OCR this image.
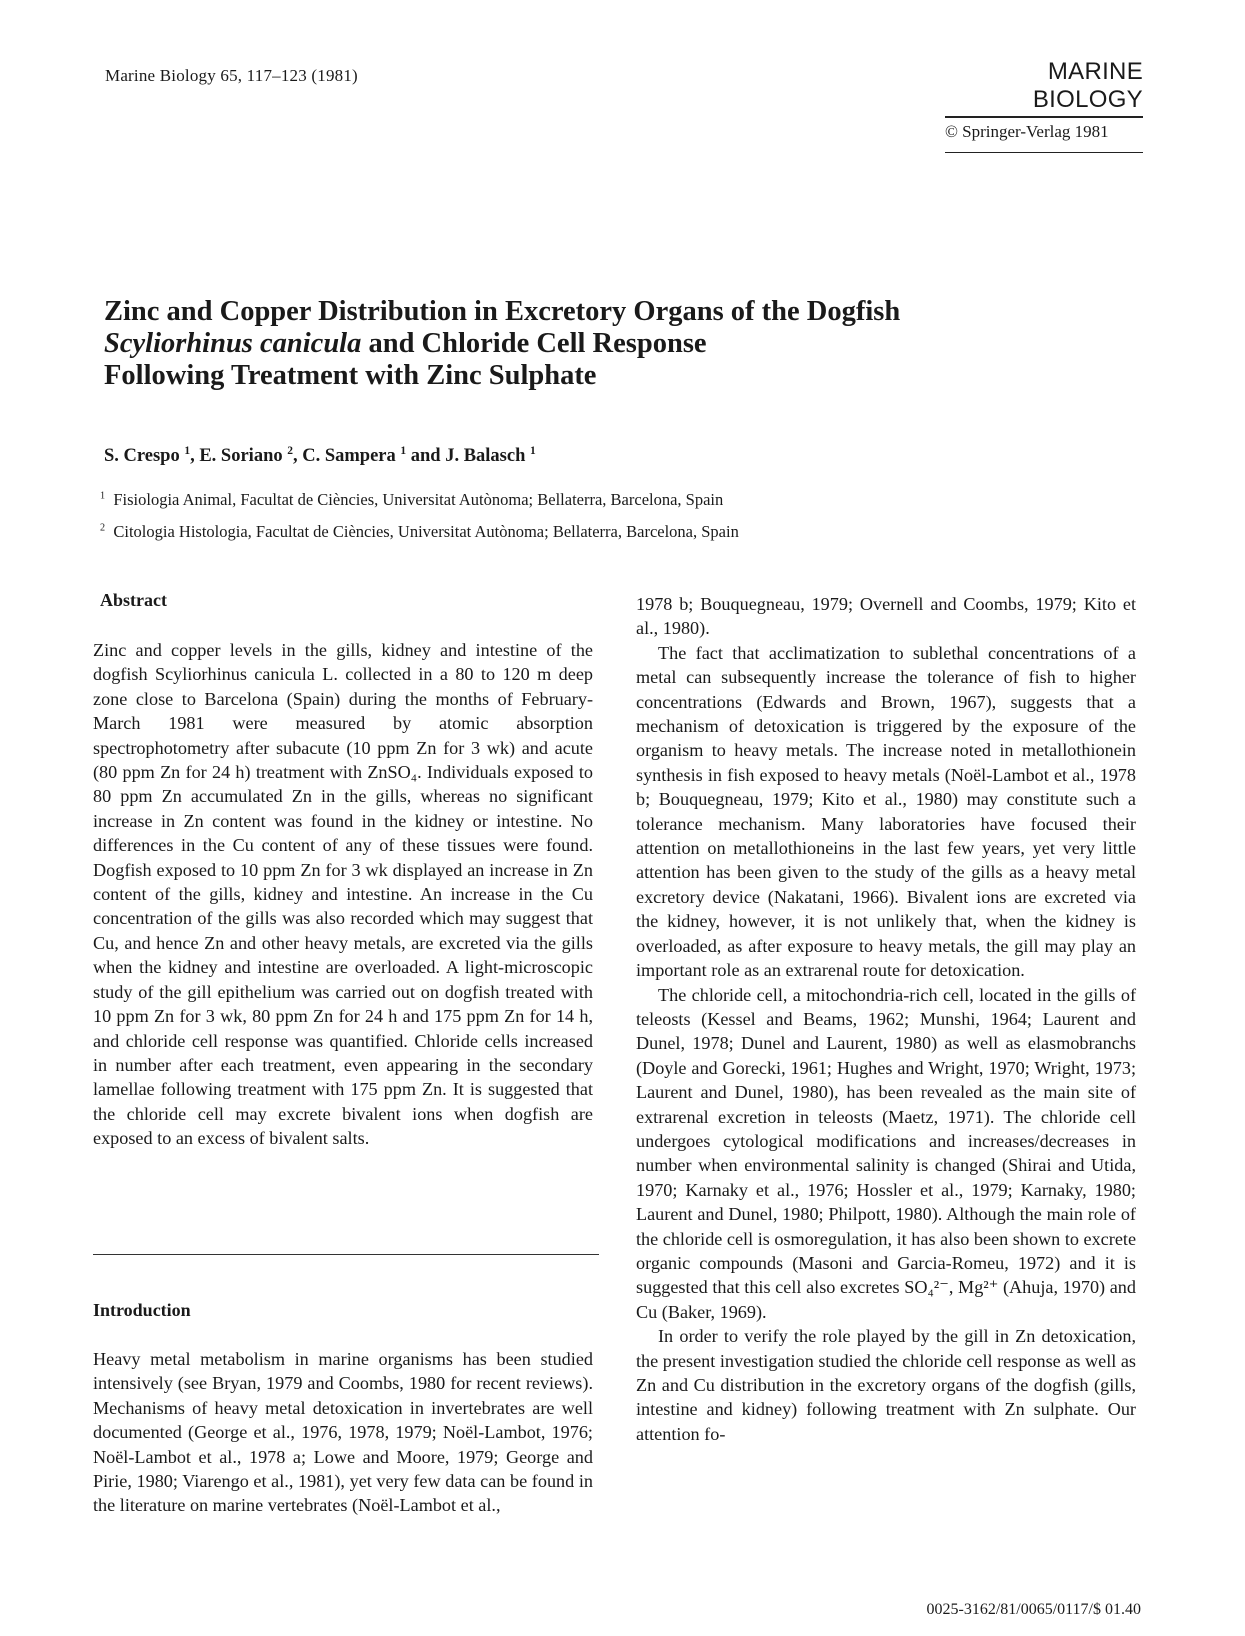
Marine Biology 65, 117–123 (1981)	MARINE BIOLOGY
© Springer-Verlag 1981
Zinc and Copper Distribution in Excretory Organs of the Dogfish
Scyliorhinus canicula and Chloride Cell Response
Following Treatment with Zinc Sulphate
S. Crespo $^1$, E. Soriano $^2$, C. Sampera $^1$ and J. Balasch $^1$
$^1$ Fisiologia Animal, Facultat de Ciències, Universitat Autònoma; Bellaterra, Barcelona, Spain
$^2$ Citologia Histologia, Facultat de Ciències, Universitat Autònoma; Bellaterra, Barcelona, Spain
Abstract

Zinc and copper levels in the gills, kidney and intestine of the dogfish Scyliorhinus canicula L. collected in a 80 to 120 m deep zone close to Barcelona (Spain) during the months of February-March 1981 were measured by atomic absorption spectrophotometry after subacute (10 ppm Zn for 3 wk) and acute (80 ppm Zn for 24 h) treatment with ZnSO₄. Individuals exposed to 80 ppm Zn accumulated Zn in the gills, whereas no significant increase in Zn content was found in the kidney or intestine. No differences in the Cu content of any of these tissues were found. Dogfish exposed to 10 ppm Zn for 3 wk displayed an increase in Zn content of the gills, kidney and intestine. An increase in the Cu concentration of the gills was also recorded which may suggest that Cu, and hence Zn and other heavy metals, are excreted via the gills when the kidney and intestine are overloaded. A light-microscopic study of the gill epithelium was carried out on dogfish treated with 10 ppm Zn for 3 wk, 80 ppm Zn for 24 h and 175 ppm Zn for 14 h, and chloride cell response was quantified. Chloride cells increased in number after each treatment, even appearing in the secondary lamellae following treatment with 175 ppm Zn. It is suggested that the chloride cell may excrete bivalent ions when dogfish are exposed to an excess of bivalent salts.

Introduction

Heavy metal metabolism in marine organisms has been studied intensively (see Bryan, 1979 and Coombs, 1980 for recent reviews). Mechanisms of heavy metal detoxication in invertebrates are well documented (George et al., 1976, 1978, 1979; Noël-Lambot, 1976; Noël-Lambot et al., 1978 a; Lowe and Moore, 1979; George and Pirie, 1980; Viarengo et al., 1981), yet very few data can be found in the literature on marine vertebrates (Noël-Lambot et al.,

1978 b; Bouquegneau, 1979; Overnell and Coombs, 1979; Kito et al., 1980).

The fact that acclimatization to sublethal concentrations of a metal can subsequently increase the tolerance of fish to higher concentrations (Edwards and Brown, 1967), suggests that a mechanism of detoxication is triggered by the exposure of the organism to heavy metals. The increase noted in metallothionein synthesis in fish exposed to heavy metals (Noël-Lambot et al., 1978 b; Bouquegneau, 1979; Kito et al., 1980) may constitute such a tolerance mechanism. Many laboratories have focused their attention on metallothioneins in the last few years, yet very little attention has been given to the study of the gills as a heavy metal excretory device (Nakatani, 1966). Bivalent ions are excreted via the kidney, however, it is not unlikely that, when the kidney is overloaded, as after exposure to heavy metals, the gill may play an important role as an extrarenal route for detoxication.

The chloride cell, a mitochondria-rich cell, located in the gills of teleosts (Kessel and Beams, 1962; Munshi, 1964; Laurent and Dunel, 1978; Dunel and Laurent, 1980) as well as elasmobranchs (Doyle and Gorecki, 1961; Hughes and Wright, 1970; Wright, 1973; Laurent and Dunel, 1980), has been revealed as the main site of extrarenal excretion in teleosts (Maetz, 1971). The chloride cell undergoes cytological modifications and increases/decreases in number when environmental salinity is changed (Shirai and Utida, 1970; Karnaky et al., 1976; Hossler et al., 1979; Karnaky, 1980; Laurent and Dunel, 1980; Philpott, 1980). Although the main role of the chloride cell is osmoregulation, it has also been shown to excrete organic compounds (Masoni and Garcia-Romeu, 1972) and it is suggested that this cell also excretes SO₄²⁻, Mg²⁺ (Ahuja, 1970) and Cu (Baker, 1969).

In order to verify the role played by the gill in Zn detoxication, the present investigation studied the chloride cell response as well as Zn and Cu distribution in the excretory organs of the dogfish (gills, intestine and kidney) following treatment with Zn sulphate. Our attention fo-

0025-3162/81/0065/0117/$ 01.40
